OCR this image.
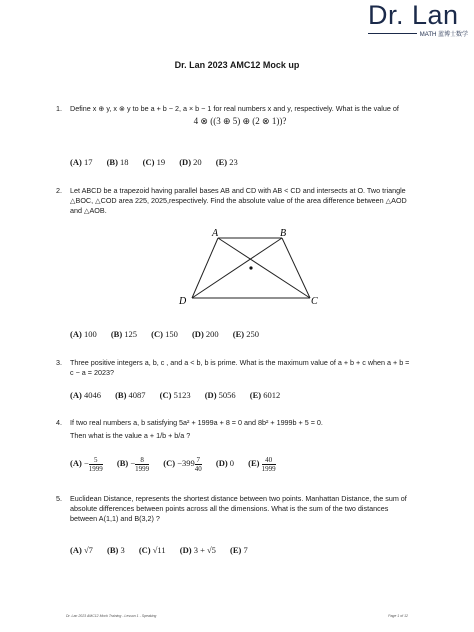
Dr. Lan
MATH 蓝博士数学
Dr. Lan 2023 AMC12 Mock up
1. Define x ⊕ y, x ⊗ y to be a + b − 2, a × b − 1 for real numbers x and y, respectively. What is the value of
4 ⊗ ((3 ⊕ 5) ⊕ (2 ⊗ 1))?
(A) 17 (B) 18 (C) 19 (D) 20 (E) 23
2. Let ABCD be a trapezoid having parallel bases AB and CD with AB < CD and intersects at O. Two triangle △BOC, △COD area 225, 2025,respectively. Find the absolute value of the area difference between △AOD and △AOB.
A	B
C
D
(A) 100 (B) 125 (C) 150 (D) 200 (E) 250
3. Three positive integers a, b, c , and a < b, b is prime. What is the maximum value of a + b + c when a + b = c − a = 2023?
(A) 4046 (B) 4087 (C) 5123 (D) 5056 (E) 6012
4. If two real numbers a, b satisfying 5a² + 1999a + 8 = 0 and 8b² + 1999b + 5 = 0.
Then what is the value a + 1/b + b/a ?
$(A) - \frac{5}{1999} (B) - \frac{8}{1999} (C) -399 \frac{7}{40} (D)$ 0 $(E) \frac{40}{1999}$
5. Euclidean Distance, represents the shortest distance between two points. Manhattan Distance, the sum of absolute differences between points across all the dimensions. What is the sum of the two distances between A(1,1) and B(3,2) ?
(A) √7 (B) 3 (C) √11 (D) 3 + √5 (E) 7
Dr. Lan 2023 AMC12 Mock Training - Lesson 1 - Speaking	Page 1 of 12
